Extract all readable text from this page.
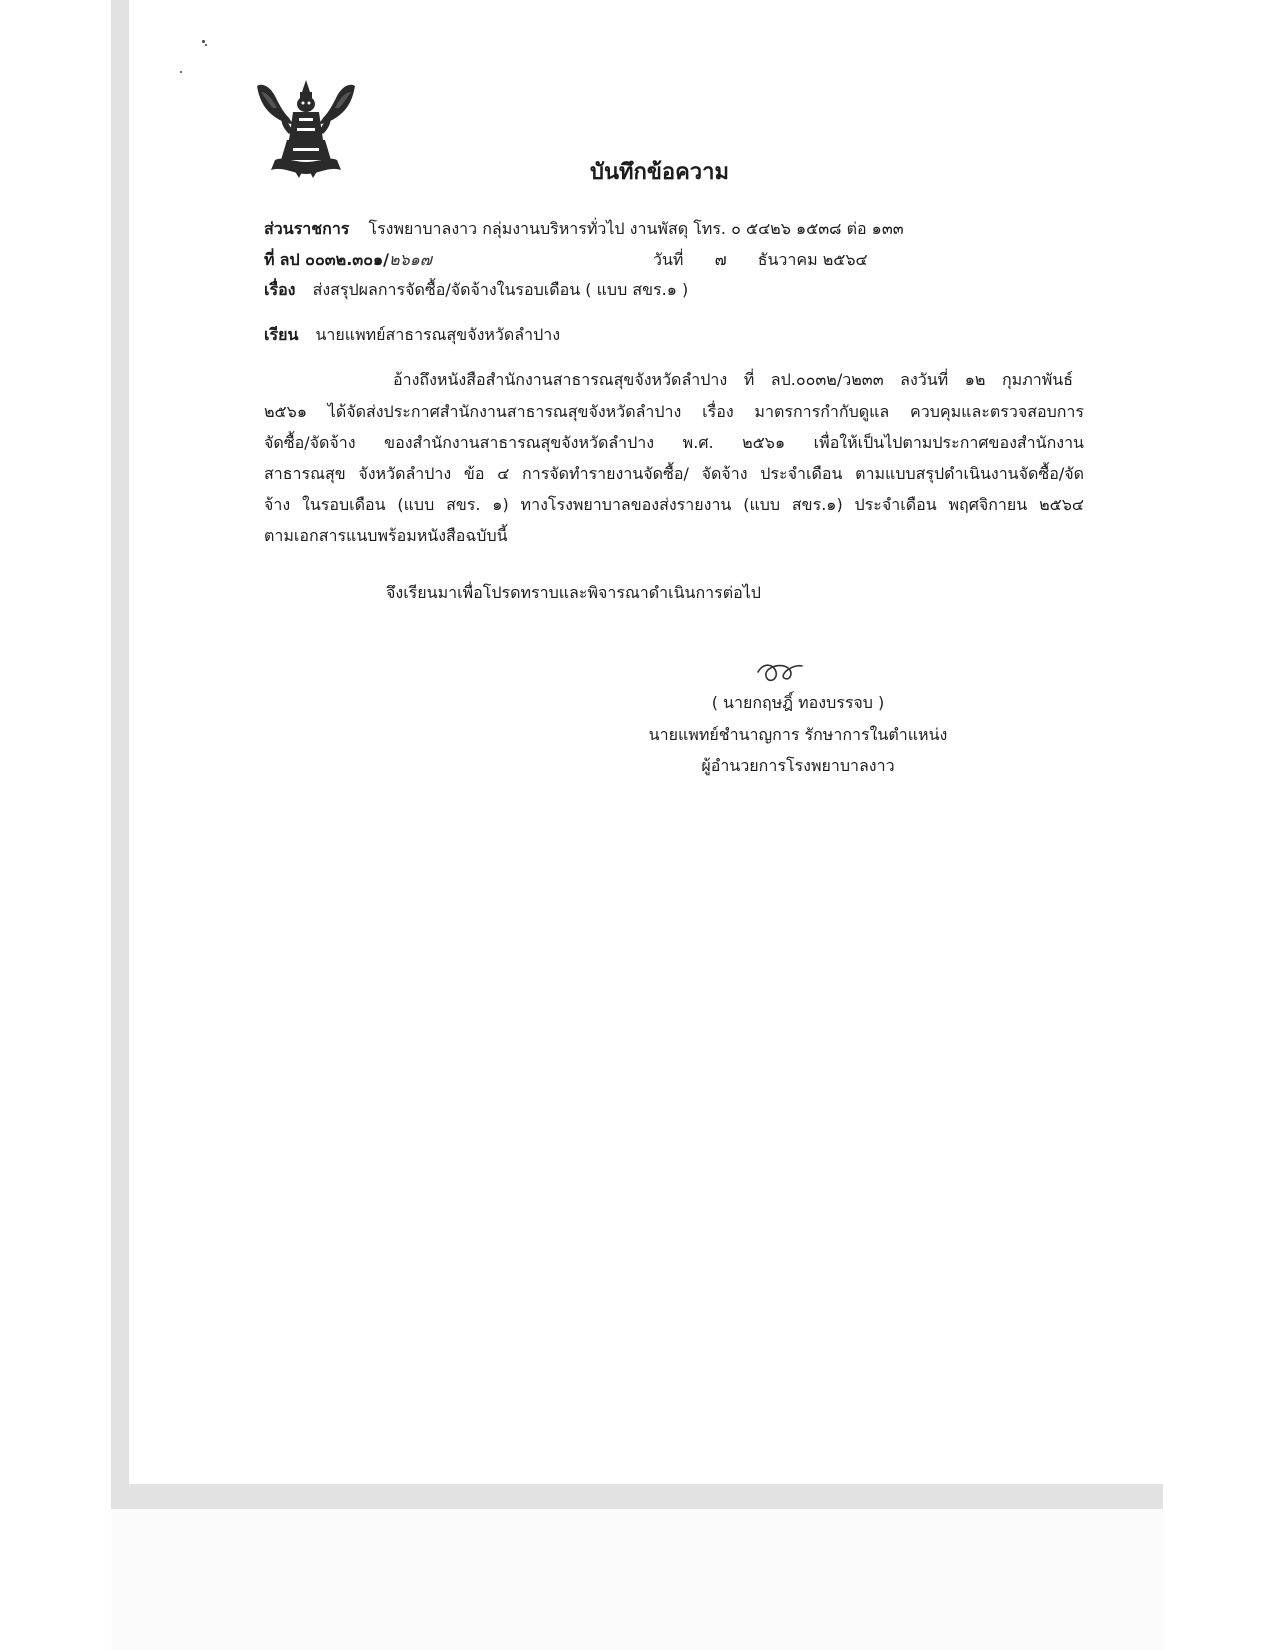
บันทึกข้อความ
ส่วนราชการ โรงพยาบาลงาว กลุ่มงานบริหารทั่วไป งานพัสดุ โทร. ๐ ๕๔๒๖ ๑๕๓๘ ต่อ ๑๓๓
ที่ ลป ๐๐๓๒.๓๐๑/๒๖๑๗	วันที่ ๗ ธันวาคม ๒๕๖๔
เรื่อง ส่งสรุปผลการจัดซื้อ/จัดจ้างในรอบเดือน ( แบบ สขร.๑ )
เรียน นายแพทย์สาธารณสุขจังหวัดลำปาง
อ้างถึงหนังสือสำนักงานสาธารณสุขจังหวัดลำปาง ที่ ลป.๐๐๓๒/ว๒๓๓ ลงวันที่ ๑๒ กุมภาพันธ์
๒๕๖๑ ได้จัดส่งประกาศสำนักงานสาธารณสุขจังหวัดลำปาง เรื่อง มาตรการกำกับดูแล ควบคุมและตรวจสอบการ
จัดซื้อ/จัดจ้าง ของสำนักงานสาธารณสุขจังหวัดลำปาง พ.ศ. ๒๕๖๑ เพื่อให้เป็นไปตามประกาศของสำนักงาน
สาธารณสุข จังหวัดลำปาง ข้อ ๔ การจัดทำรายงานจัดซื้อ/ จัดจ้าง ประจำเดือน ตามแบบสรุปดำเนินงานจัดซื้อ/จัด
จ้าง ในรอบเดือน (แบบ สขร. ๑) ทางโรงพยาบาลของส่งรายงาน (แบบ สขร.๑) ประจำเดือน พฤศจิกายน ๒๕๖๔
ตามเอกสารแนบพร้อมหนังสือฉบับนี้
จึงเรียนมาเพื่อโปรดทราบและพิจารณาดำเนินการต่อไป
( นายกฤษฎิ์ ทองบรรจบ )
นายแพทย์ชำนาญการ รักษาการในตำแหน่ง
ผู้อำนวยการโรงพยาบาลงาว
